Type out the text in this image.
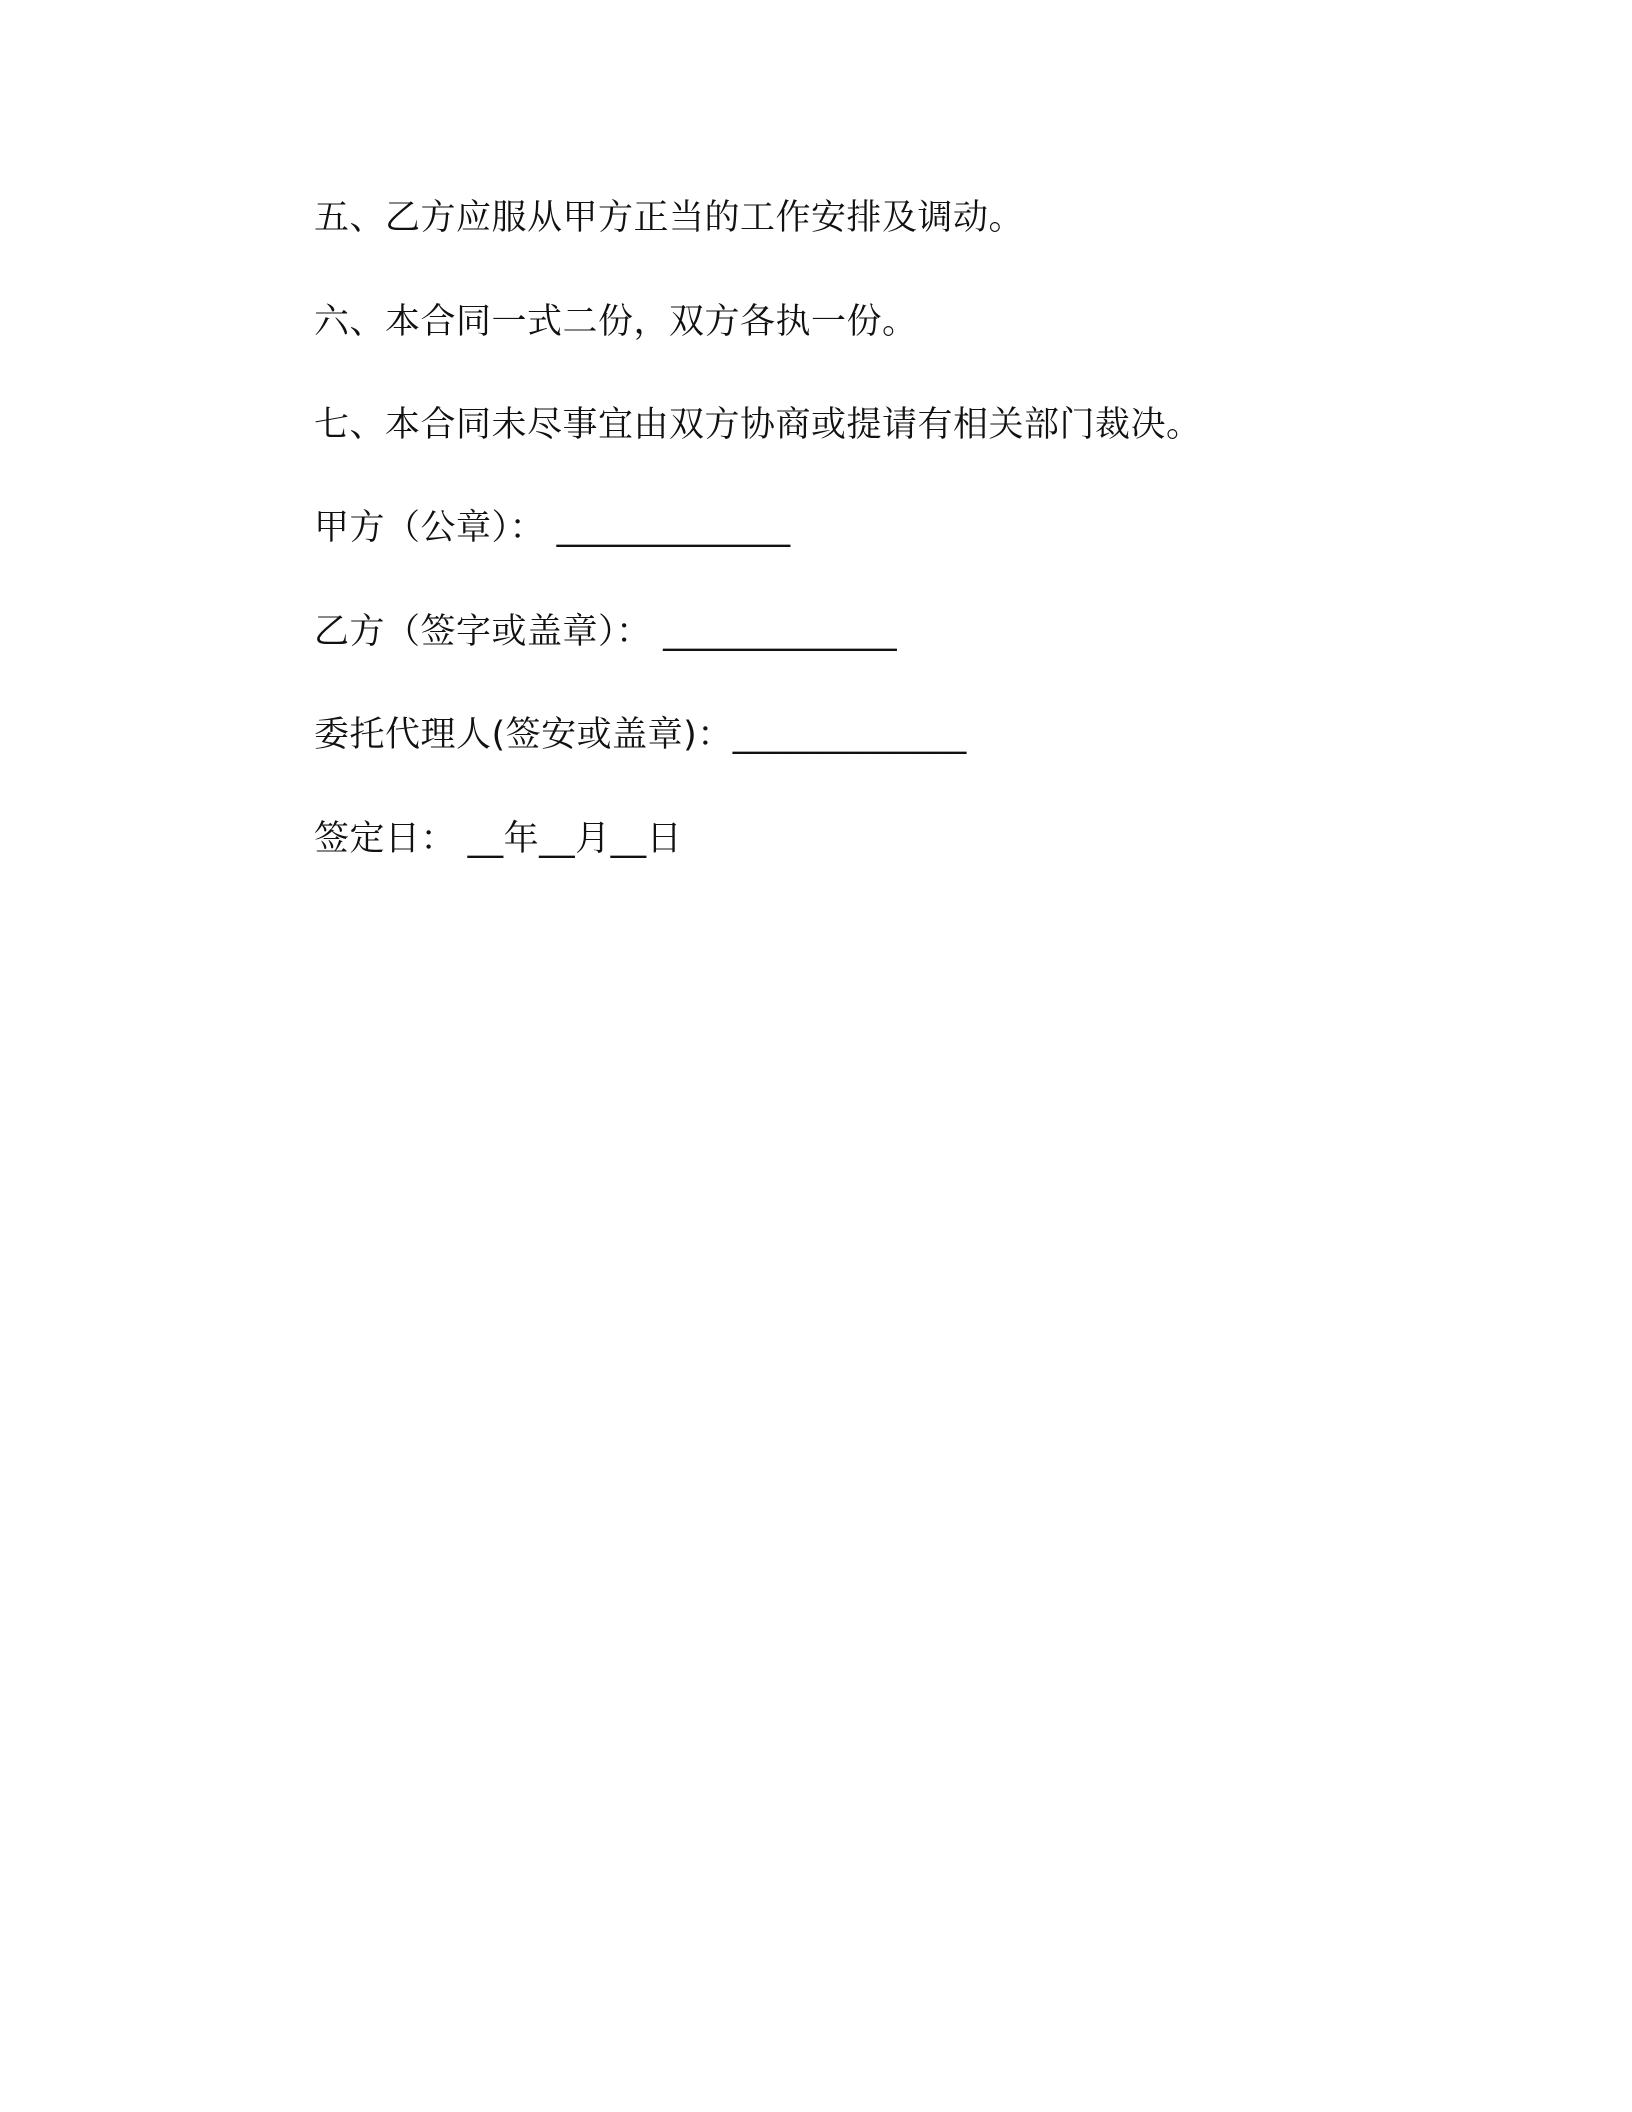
五、乙方应服从甲方正当的工作安排及调动。
六、本合同一式二份，双方各执一份。
七、本合同未尽事宜由双方协商或提请有相关部门裁决。
甲方（公章）： _____________
乙方（签字或盖章）： _____________
委托代理人(签安或盖章)：_____________
签定日： __年__月__日
